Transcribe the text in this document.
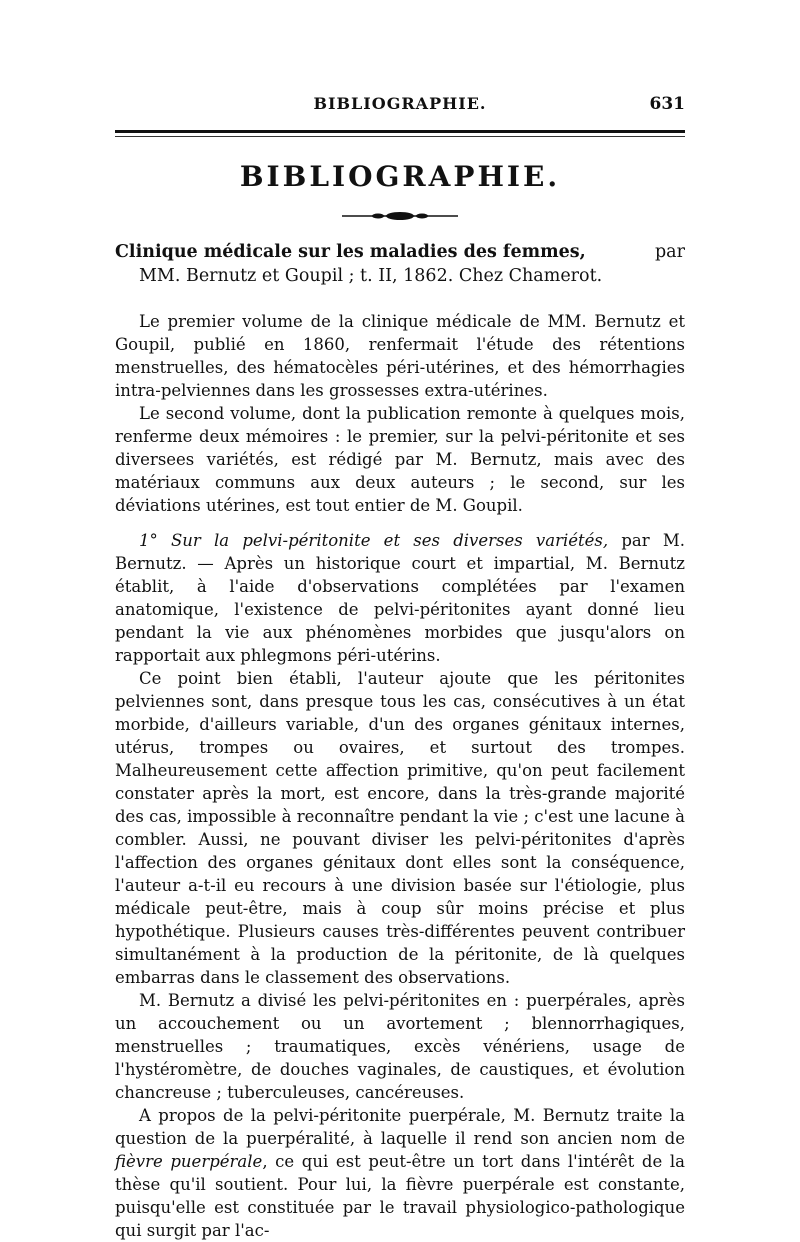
BIBLIOGRAPHIE.	631
BIBLIOGRAPHIE.
Clinique médicale sur les maladies des femmes,	par
MM. Bernutz et Goupil ; t. II, 1862. Chez Chamerot.

Le premier volume de la clinique médicale de MM. Bernutz et Goupil, publié en 1860, renfermait l'étude des rétentions menstruelles, des hématocèles péri-utérines, et des hémorrhagies intra-pelviennes dans les grossesses extra-utérines.

Le second volume, dont la publication remonte à quelques mois, renferme deux mémoires : le premier, sur la pelvi-péritonite et ses diversees variétés, est rédigé par M. Bernutz, mais avec des matériaux communs aux deux auteurs ; le second, sur les déviations utérines, est tout entier de M. Goupil.

1° Sur la pelvi-péritonite et ses diverses variétés, par M. Bernutz. — Après un historique court et impartial, M. Bernutz établit, à l'aide d'observations complétées par l'examen anatomique, l'existence de pelvi-péritonites ayant donné lieu pendant la vie aux phénomènes morbides que jusqu'alors on rapportait aux phlegmons péri-utérins.

Ce point bien établi, l'auteur ajoute que les péritonites pelviennes sont, dans presque tous les cas, consécutives à un état morbide, d'ailleurs variable, d'un des organes génitaux internes, utérus, trompes ou ovaires, et surtout des trompes. Malheureusement cette affection primitive, qu'on peut facilement constater après la mort, est encore, dans la très-grande majorité des cas, impossible à reconnaître pendant la vie ; c'est une lacune à combler. Aussi, ne pouvant diviser les pelvi-péritonites d'après l'affection des organes génitaux dont elles sont la conséquence, l'auteur a-t-il eu recours à une division basée sur l'étiologie, plus médicale peut-être, mais à coup sûr moins précise et plus hypothétique. Plusieurs causes très-différentes peuvent contribuer simultanément à la production de la péritonite, de là quelques embarras dans le classement des observations.

M. Bernutz a divisé les pelvi-péritonites en : puerpérales, après un accouchement ou un avortement ; blennorrhagiques, menstruelles ; traumatiques, excès vénériens, usage de l'hystéromètre, de douches vaginales, de caustiques, et évolution chancreuse ; tuberculeuses, cancéreuses.

A propos de la pelvi-péritonite puerpérale, M. Bernutz traite la question de la puerpéralité, à laquelle il rend son ancien nom de fièvre puerpérale, ce qui est peut-être un tort dans l'intérêt de la thèse qu'il soutient. Pour lui, la fièvre puerpérale est constante, puisqu'elle est constituée par le travail physiologico-pathologique qui surgit par l'ac-
